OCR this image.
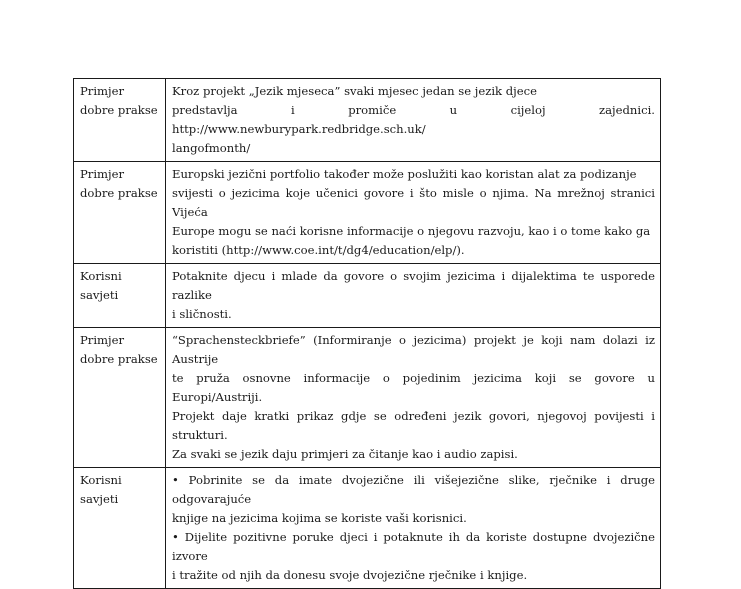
Primjer
dobre prakse	Kroz projekt „Jezik mjeseca” svaki mjesec jedan se jezik djece
predstavlja i promiče u cijeloj zajednici. http://www.newburypark.redbridge.sch.uk/
langofmonth/

Primjer
dobre prakse	Europski jezični portfolio također može poslužiti kao koristan alat za podizanje
svijesti o jezicima koje učenici govore i što misle o njima. Na mrežnoj stranici Vijeća
Europe mogu se naći korisne informacije o njegovu razvoju, kao i o tome kako ga
koristiti (http://www.coe.int/t/dg4/education/elp/).

Korisni
savjeti	Potaknite djecu i mlade da govore o svojim jezicima i dijalektima te usporede razlike
i sličnosti.

Primjer
dobre prakse	“Sprachensteckbriefe” (Informiranje o jezicima) projekt je koji nam dolazi iz Austrije
te pruža osnovne informacije o pojedinim jezicima koji se govore u Europi/Austriji.
Projekt daje kratki prikaz gdje se određeni jezik govori, njegovoj povijesti i strukturi.
Za svaki se jezik daju primjeri za čitanje kao i audio zapisi.

Korisni
savjeti	• Pobrinite se da imate dvojezične ili višejezične slike, rječnike i druge odgovarajuće
knjige na jezicima kojima se koriste vaši korisnici.
• Dijelite pozitivne poruke djeci i potaknute ih da koriste dostupne dvojezične izvore
i tražite od njih da donesu svoje dvojezične rječnike i knjige.
